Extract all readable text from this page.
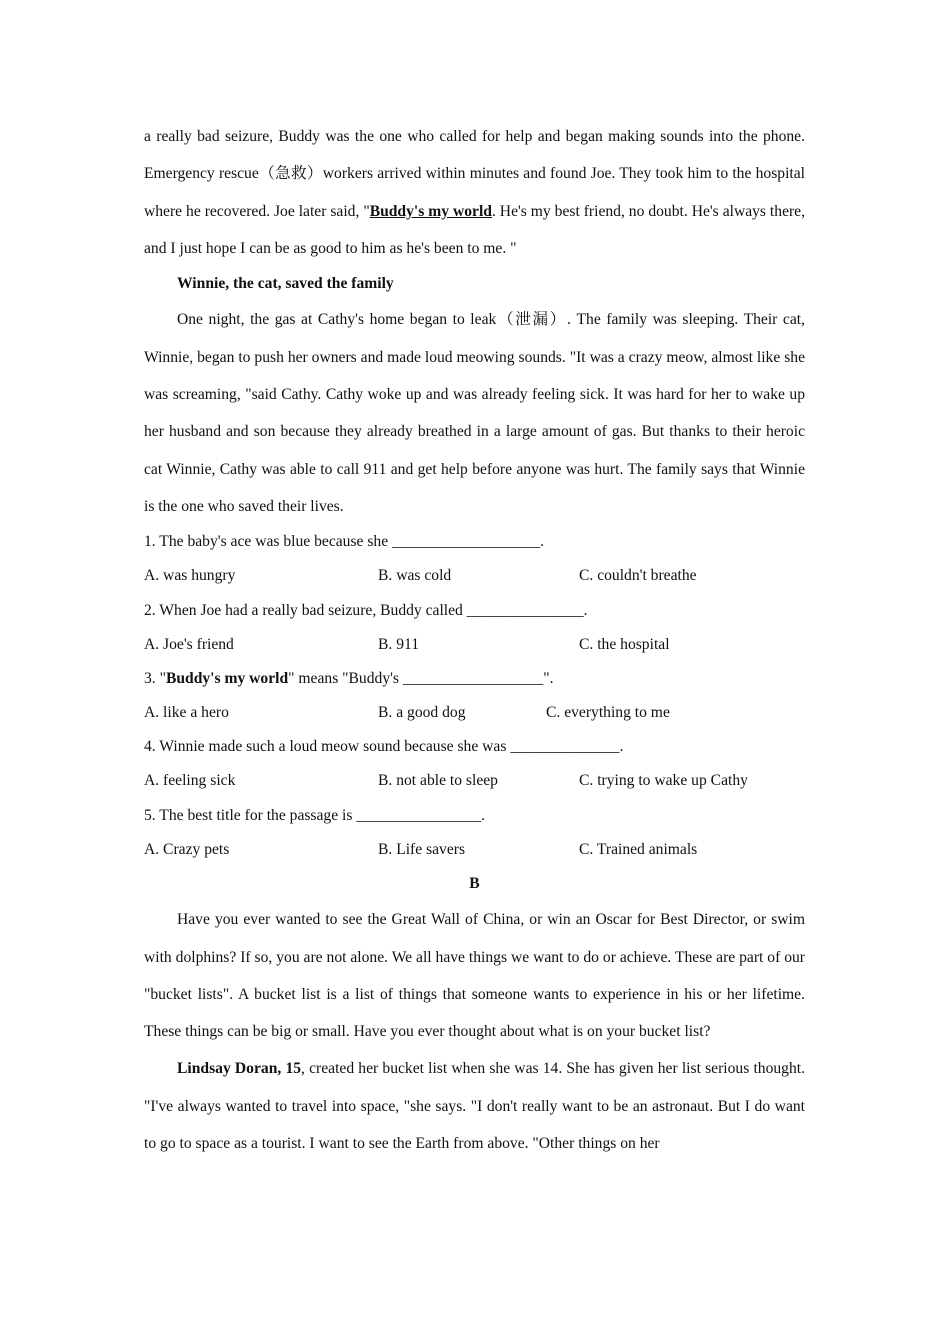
a really bad seizure, Buddy was the one who called for help and began making sounds into the phone. Emergency rescue（急救）workers arrived within minutes and found Joe. They took him to the hospital where he recovered. Joe later said, "Buddy's my world. He's my best friend, no doubt. He's always there, and I just hope I can be as good to him as he's been to me. "

Winnie, the cat, saved the family

One night, the gas at Cathy's home began to leak（泄漏）. The family was sleeping. Their cat, Winnie, began to push her owners and made loud meowing sounds. "It was a crazy meow, almost like she was screaming, "said Cathy. Cathy woke up and was already feeling sick. It was hard for her to wake up her husband and son because they already breathed in a large amount of gas. But thanks to their heroic cat Winnie, Cathy was able to call 911 and get help before anyone was hurt. The family says that Winnie is the one who saved their lives.

1. The baby's ace was blue because she ___________________.

A. was hungry	B. was cold	C. couldn't breathe

2. When Joe had a really bad seizure, Buddy called _______________.

A. Joe's friend	B. 911	C. the hospital

3. "Buddy's my world" means "Buddy's __________________".

A. like a hero	B. a good dog	C. everything to me

4. Winnie made such a loud meow sound because she was ______________.

A. feeling sick	B. not able to sleep	C. trying to wake up Cathy

5. The best title for the passage is ________________.

A. Crazy pets	B. Life savers	C. Trained animals

B

Have you ever wanted to see the Great Wall of China, or win an Oscar for Best Director, or swim with dolphins? If so, you are not alone. We all have things we want to do or achieve. These are part of our "bucket lists". A bucket list is a list of things that someone wants to experience in his or her lifetime. These things can be big or small. Have you ever thought about what is on your bucket list?

Lindsay Doran, 15, created her bucket list when she was 14. She has given her list serious thought. "I've always wanted to travel into space, "she says. "I don't really want to be an astronaut. But I do want to go to space as a tourist. I want to see the Earth from above. "Other things on her
